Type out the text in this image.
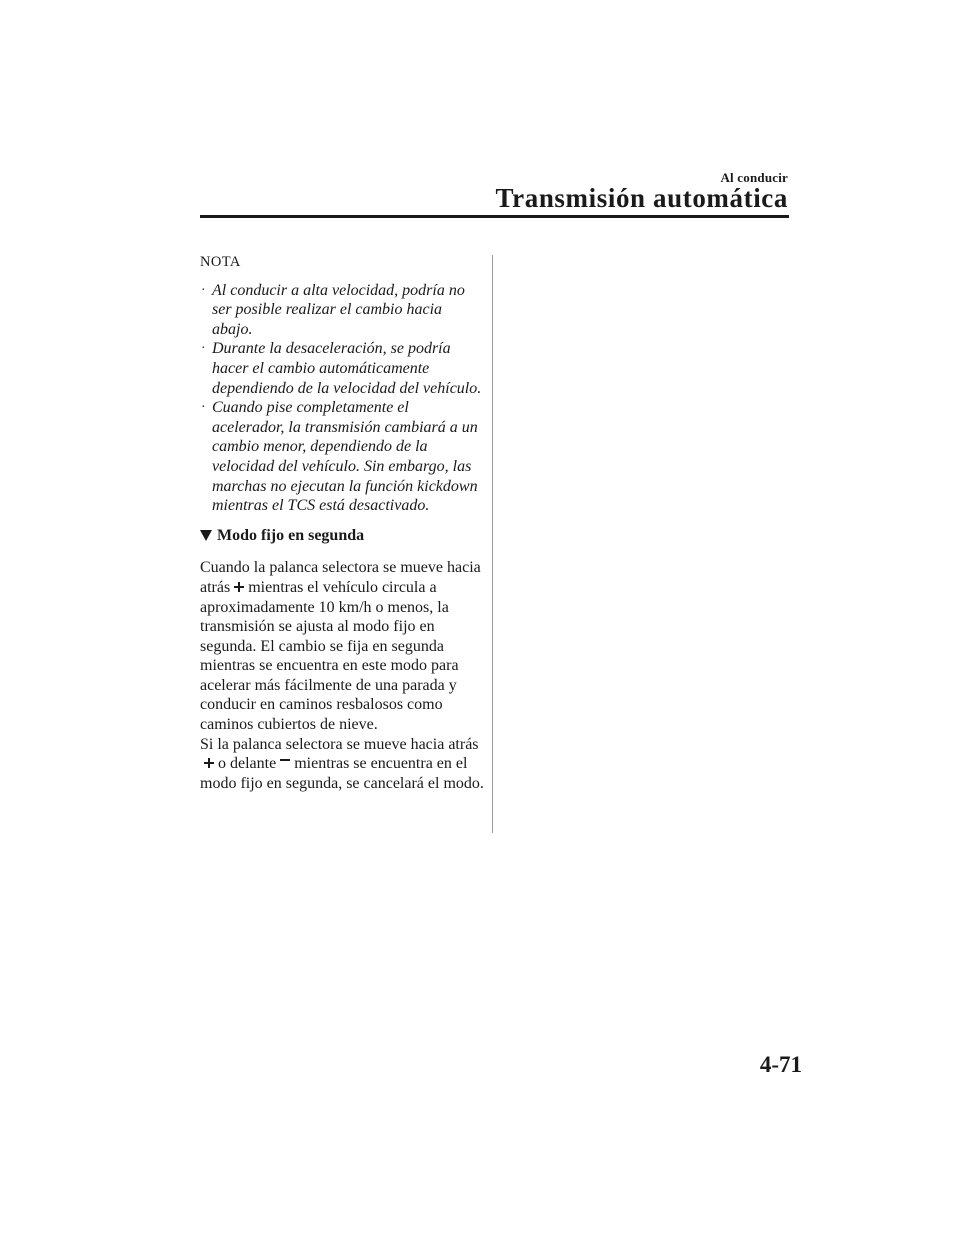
Al conducir
Transmisión automática

NOTA

· Al conducir a alta velocidad, podría no ser posible realizar el cambio hacia abajo.
· Durante la desaceleración, se podría hacer el cambio automáticamente dependiendo de la velocidad del vehículo.
· Cuando pise completamente el acelerador, la transmisión cambiará a un cambio menor, dependiendo de la velocidad del vehículo. Sin embargo, las marchas no ejecutan la función kickdown mientras el TCS está desactivado.
Modo fijo en segunda

Cuando la palanca selectora se mueve hacia atrás mientras el vehículo circula a aproximadamente 10 km/h o menos, la transmisión se ajusta al modo fijo en segunda. El cambio se fija en segunda mientras se encuentra en este modo para acelerar más fácilmente de una parada y conducir en caminos resbalosos como caminos cubiertos de nieve.

Si la palanca selectora se mueve hacia atráso delante mientras se encuentra en el modo fijo en segunda, se cancelará el modo.

4-71
